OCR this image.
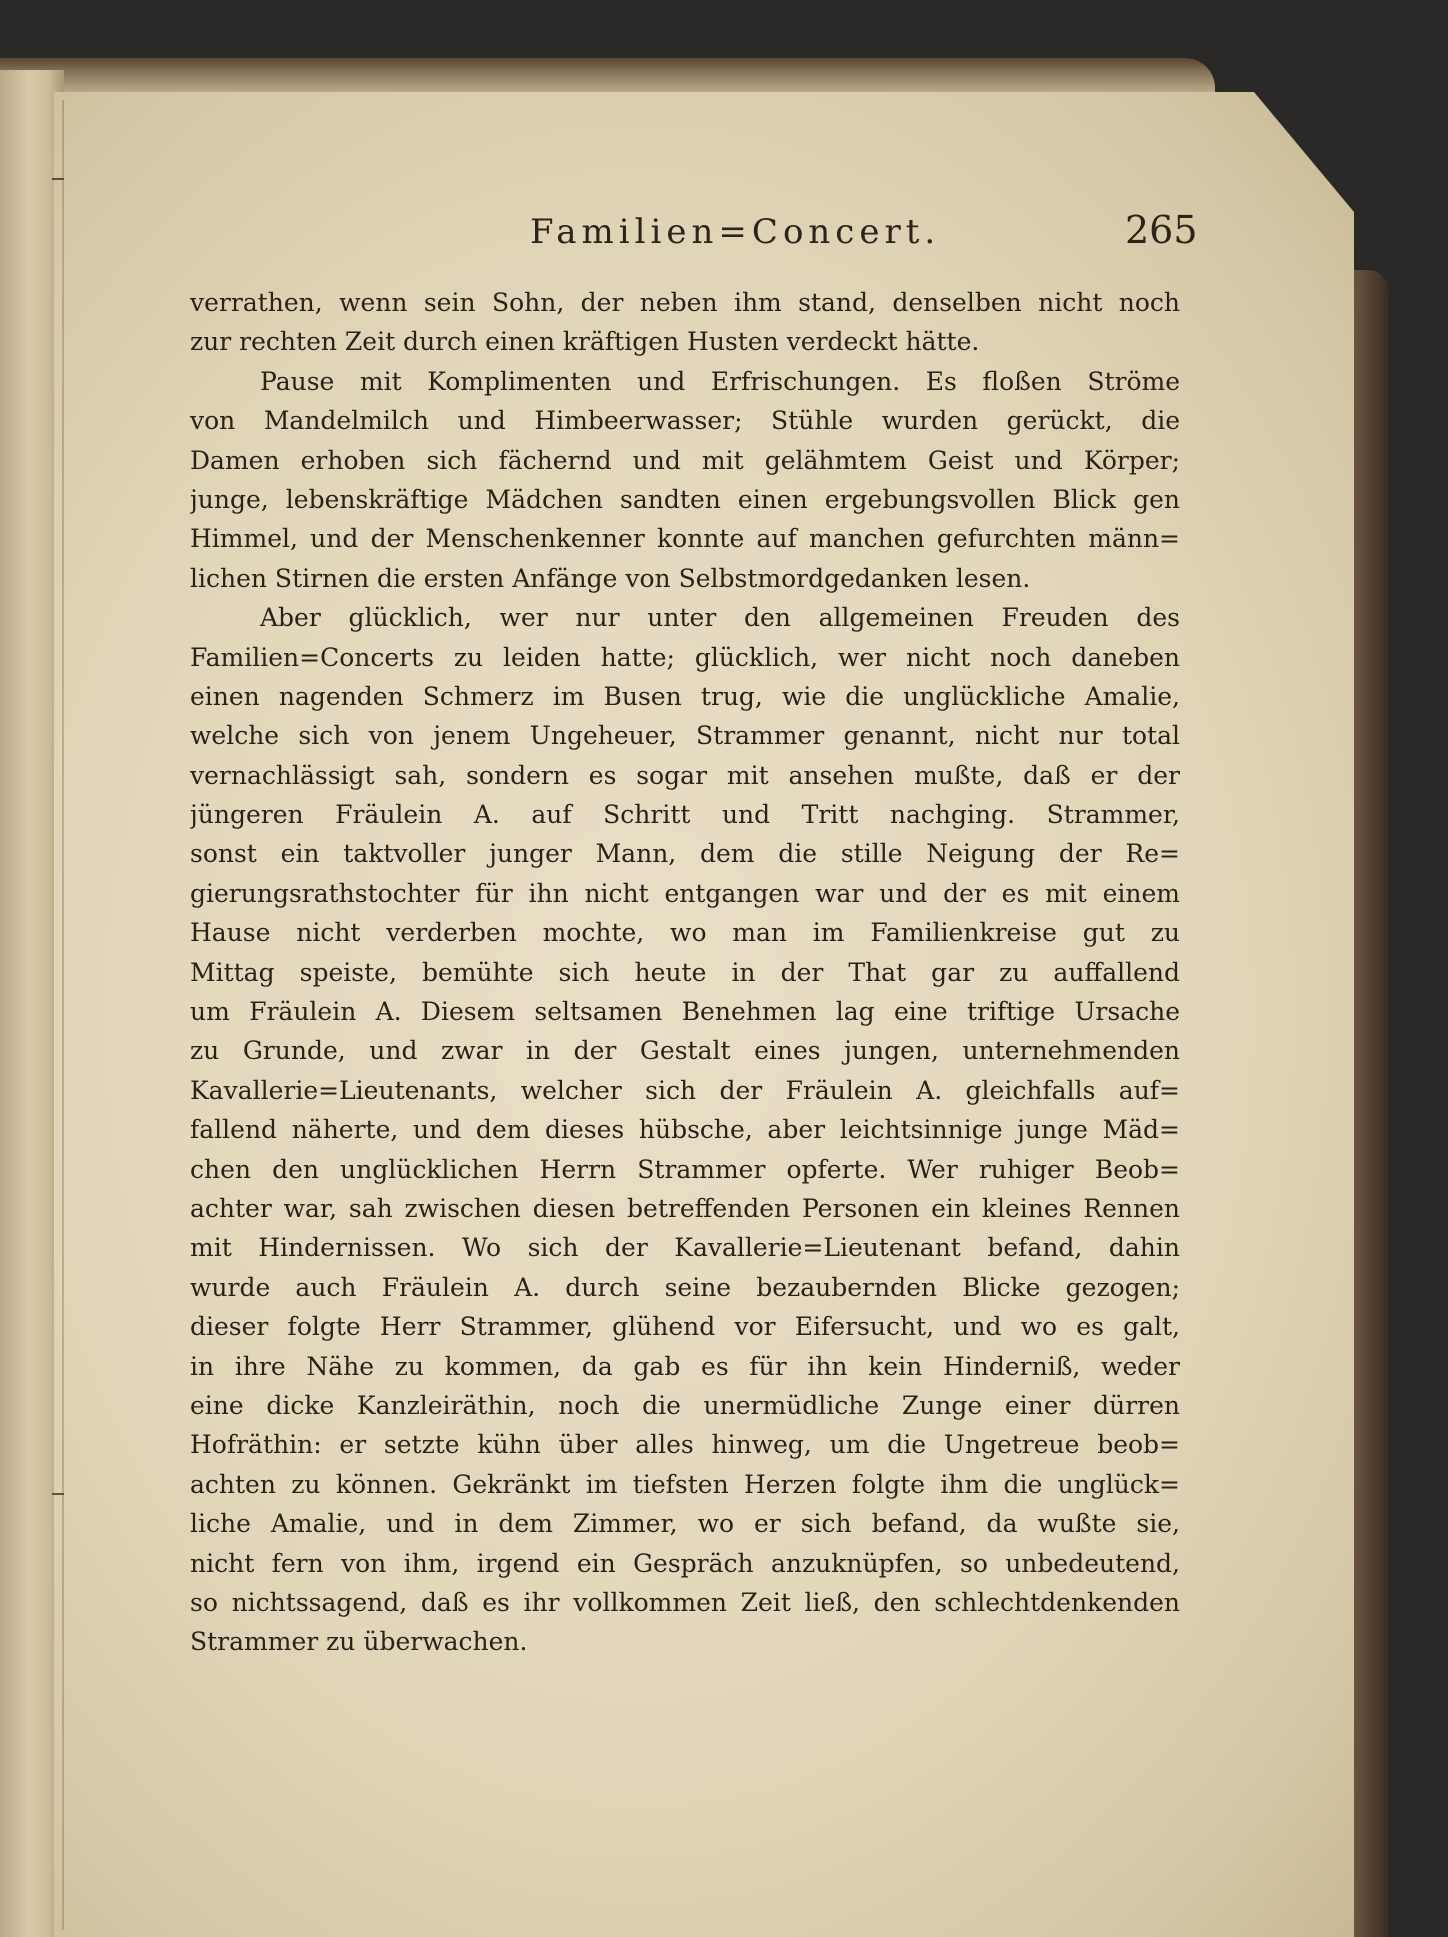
Familien=Concert.	265
verrathen, wenn sein Sohn, der neben ihm stand, denselben nicht noch
zur rechten Zeit durch einen kräftigen Husten verdeckt hätte.
Pause mit Komplimenten und Erfrischungen. Es floßen Ströme
von Mandelmilch und Himbeerwasser; Stühle wurden gerückt, die
Damen erhoben sich fächernd und mit gelähmtem Geist und Körper;
junge, lebenskräftige Mädchen sandten einen ergebungsvollen Blick gen
Himmel, und der Menschenkenner konnte auf manchen gefurchten männ=
lichen Stirnen die ersten Anfänge von Selbstmordgedanken lesen.
Aber glücklich, wer nur unter den allgemeinen Freuden des
Familien=Concerts zu leiden hatte; glücklich, wer nicht noch daneben
einen nagenden Schmerz im Busen trug, wie die unglückliche Amalie,
welche sich von jenem Ungeheuer, Strammer genannt, nicht nur total
vernachlässigt sah, sondern es sogar mit ansehen mußte, daß er der
jüngeren Fräulein A. auf Schritt und Tritt nachging. Strammer,
sonst ein taktvoller junger Mann, dem die stille Neigung der Re=
gierungsrathstochter für ihn nicht entgangen war und der es mit einem
Hause nicht verderben mochte, wo man im Familienkreise gut zu
Mittag speiste, bemühte sich heute in der That gar zu auffallend
um Fräulein A. Diesem seltsamen Benehmen lag eine triftige Ursache
zu Grunde, und zwar in der Gestalt eines jungen, unternehmenden
Kavallerie=Lieutenants, welcher sich der Fräulein A. gleichfalls auf=
fallend näherte, und dem dieses hübsche, aber leichtsinnige junge Mäd=
chen den unglücklichen Herrn Strammer opferte. Wer ruhiger Beob=
achter war, sah zwischen diesen betreffenden Personen ein kleines Rennen
mit Hindernissen. Wo sich der Kavallerie=Lieutenant befand, dahin
wurde auch Fräulein A. durch seine bezaubernden Blicke gezogen;
dieser folgte Herr Strammer, glühend vor Eifersucht, und wo es galt,
in ihre Nähe zu kommen, da gab es für ihn kein Hinderniß, weder
eine dicke Kanzleiräthin, noch die unermüdliche Zunge einer dürren
Hofräthin: er setzte kühn über alles hinweg, um die Ungetreue beob=
achten zu können. Gekränkt im tiefsten Herzen folgte ihm die unglück=
liche Amalie, und in dem Zimmer, wo er sich befand, da wußte sie,
nicht fern von ihm, irgend ein Gespräch anzuknüpfen, so unbedeutend,
so nichtssagend, daß es ihr vollkommen Zeit ließ, den schlechtdenkenden
Strammer zu überwachen.
